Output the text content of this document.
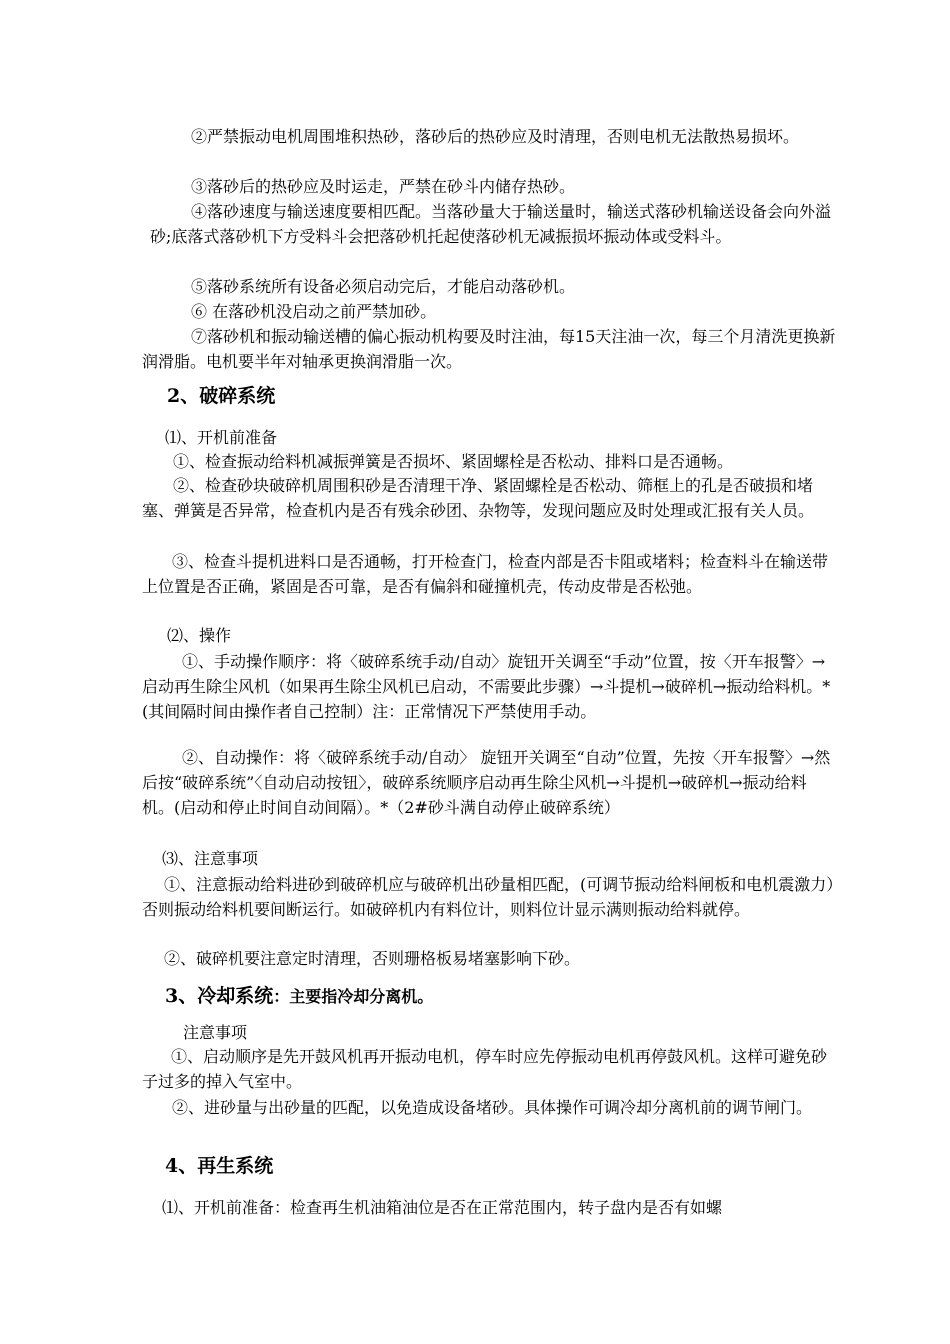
②严禁振动电机周围堆积热砂，落砂后的热砂应及时清理，否则电机无法散热易损坏。

③落砂后的热砂应及时运走，严禁在砂斗内储存热砂。

④落砂速度与输送速度要相匹配。当落砂量大于输送量时，输送式落砂机输送设备会向外溢砂;底落式落砂机下方受料斗会把落砂机托起使落砂机无减振损坏振动体或受料斗。

⑤落砂系统所有设备必须启动完后，才能启动落砂机。

⑥ 在落砂机没启动之前严禁加砂。

⑦落砂机和振动输送槽的偏心振动机构要及时注油，每15天注油一次，每三个月清洗更换新润滑脂。电机要半年对轴承更换润滑脂一次。

2、破碎系统

⑴、开机前准备

①、检查振动给料机减振弹簧是否损坏、紧固螺栓是否松动、排料口是否通畅。

②、检查砂块破碎机周围积砂是否清理干净、紧固螺栓是否松动、筛框上的孔是否破损和堵塞、弹簧是否异常，检查机内是否有残余砂团、杂物等，发现问题应及时处理或汇报有关人员。

③、检查斗提机进料口是否通畅，打开检查门，检查内部是否卡阻或堵料；检查料斗在输送带上位置是否正确，紧固是否可靠，是否有偏斜和碰撞机壳，传动皮带是否松弛。

⑵、操作

①、手动操作顺序：将〈破碎系统手动/自动〉旋钮开关调至“手动”位置，按〈开车报警〉→启动再生除尘风机（如果再生除尘风机已启动，不需要此步骤）→斗提机→破碎机→振动给料机。*(其间隔时间由操作者自己控制）注：正常情况下严禁使用手动。

②、自动操作：将〈破碎系统手动/自动〉 旋钮开关调至“自动”位置，先按〈开车报警〉→然后按“破碎系统”〈自动启动按钮〉，破碎系统顺序启动再生除尘风机→斗提机→破碎机→振动给料机。(启动和停止时间自动间隔）。*（2#砂斗满自动停止破碎系统）

⑶、注意事项

①、注意振动给料进砂到破碎机应与破碎机出砂量相匹配，(可调节振动给料闸板和电机震激力）否则振动给料机要间断运行。如破碎机内有料位计，则料位计显示满则振动给料就停。

②、破碎机要注意定时清理，否则珊格板易堵塞影响下砂。

3、冷却系统：主要指冷却分离机。

注意事项

①、启动顺序是先开鼓风机再开振动电机，停车时应先停振动电机再停鼓风机。这样可避免砂子过多的掉入气室中。

②、进砂量与出砂量的匹配，以免造成设备堵砂。具体操作可调冷却分离机前的调节闸门。

4、再生系统

⑴、开机前准备：检查再生机油箱油位是否在正常范围内，转子盘内是否有如螺
